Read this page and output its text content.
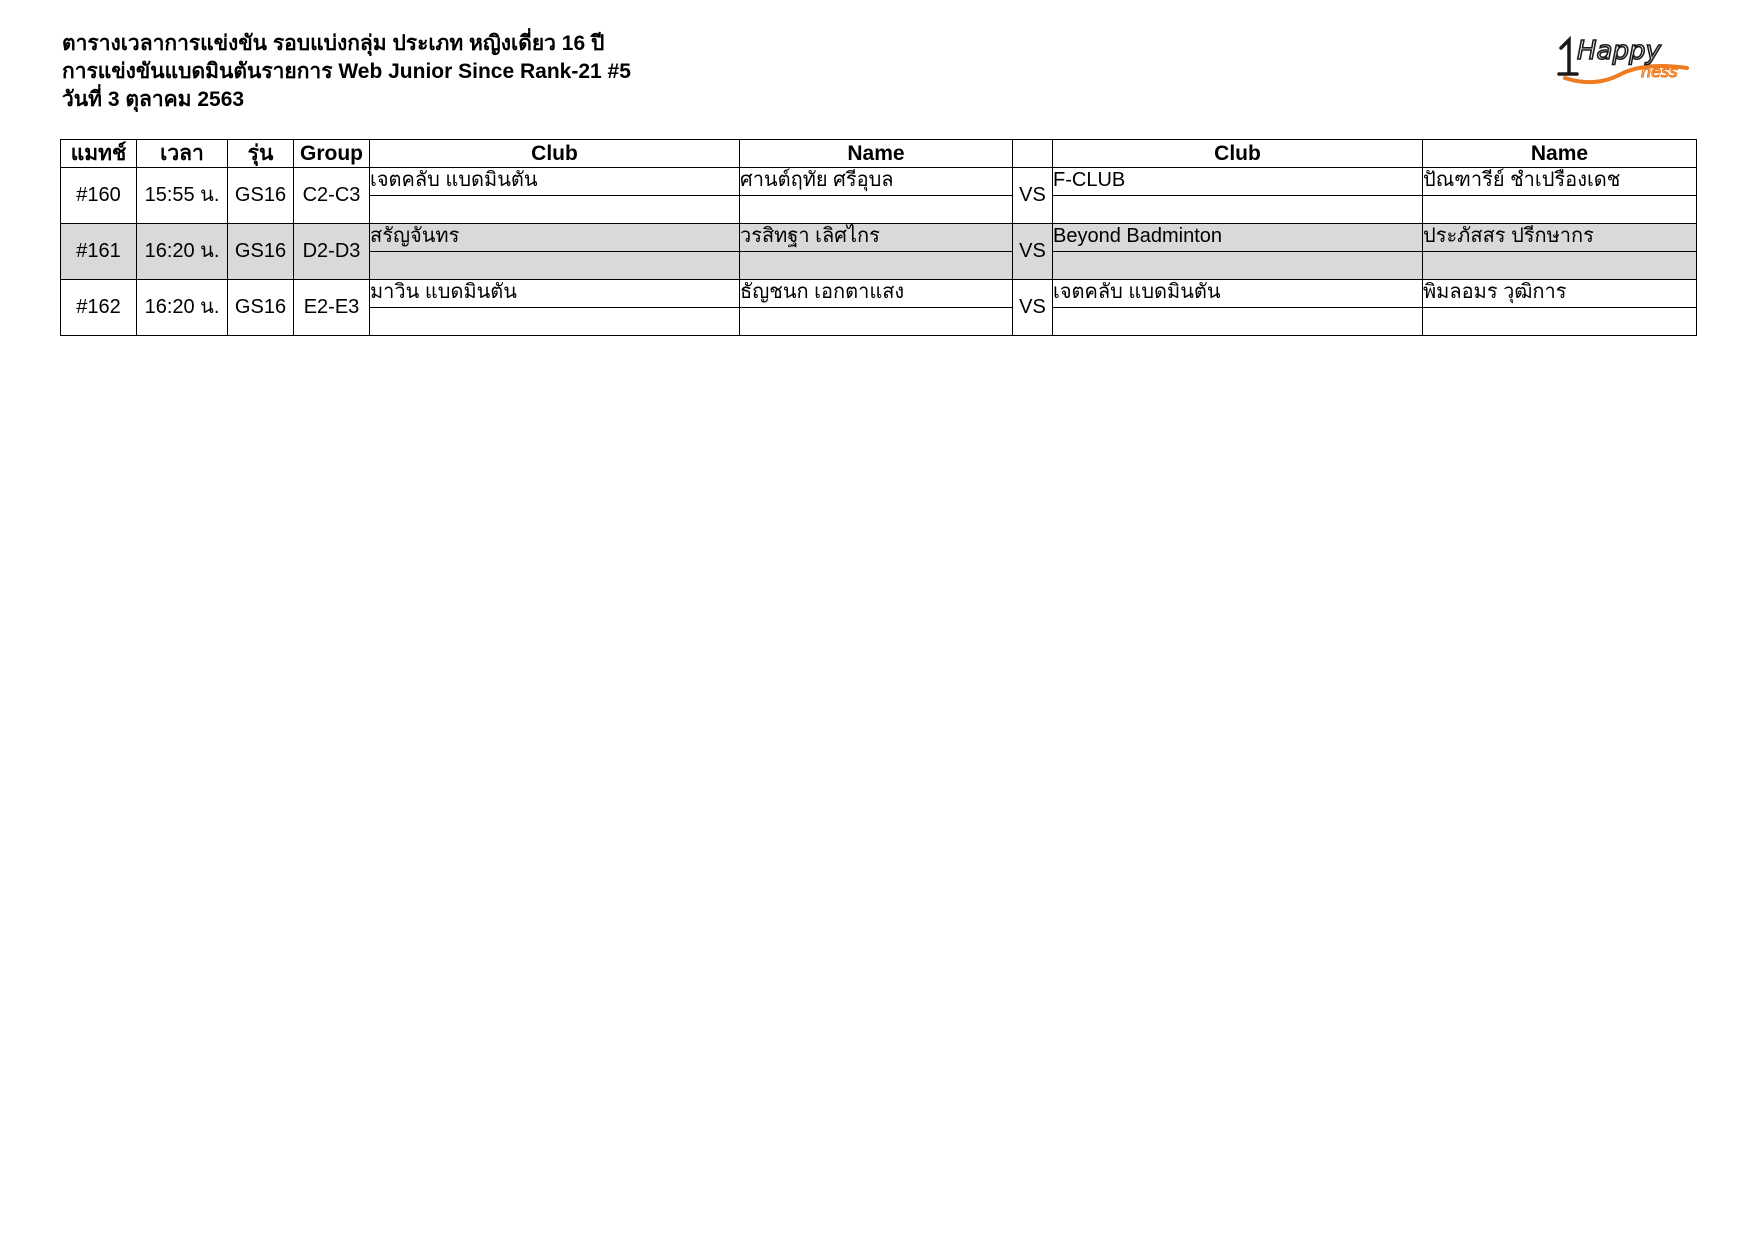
ตารางเวลาการแข่งขัน รอบแบ่งกลุ่ม ประเภท หญิงเดี่ยว 16 ปี
การแข่งขันแบดมินตันรายการ Web Junior Since Rank-21 #5
วันที่ 3 ตุลาคม 2563
Happy
ness
แมทช์	เวลา	รุ่น	Group	Club	Name		Club	Name
#160	15:55 น.	GS16	C2-C3	เจตคลับ แบดมินตัน	ศานต์ฤทัย ศรีอุบล	VS	F-CLUB	ปัณฑารีย์ ชำเปรื่องเดช

#161	16:20 น.	GS16	D2-D3	สรัญจันทร	วรสิทฐา เลิศไกร	VS	Beyond Badminton	ประภัสสร ปรีกษากร

#162	16:20 น.	GS16	E2-E3	มาวิน แบดมินตัน	ธัญชนก เอกตาแสง	VS	เจตคลับ แบดมินตัน	พิมลอมร วุฒิการ
